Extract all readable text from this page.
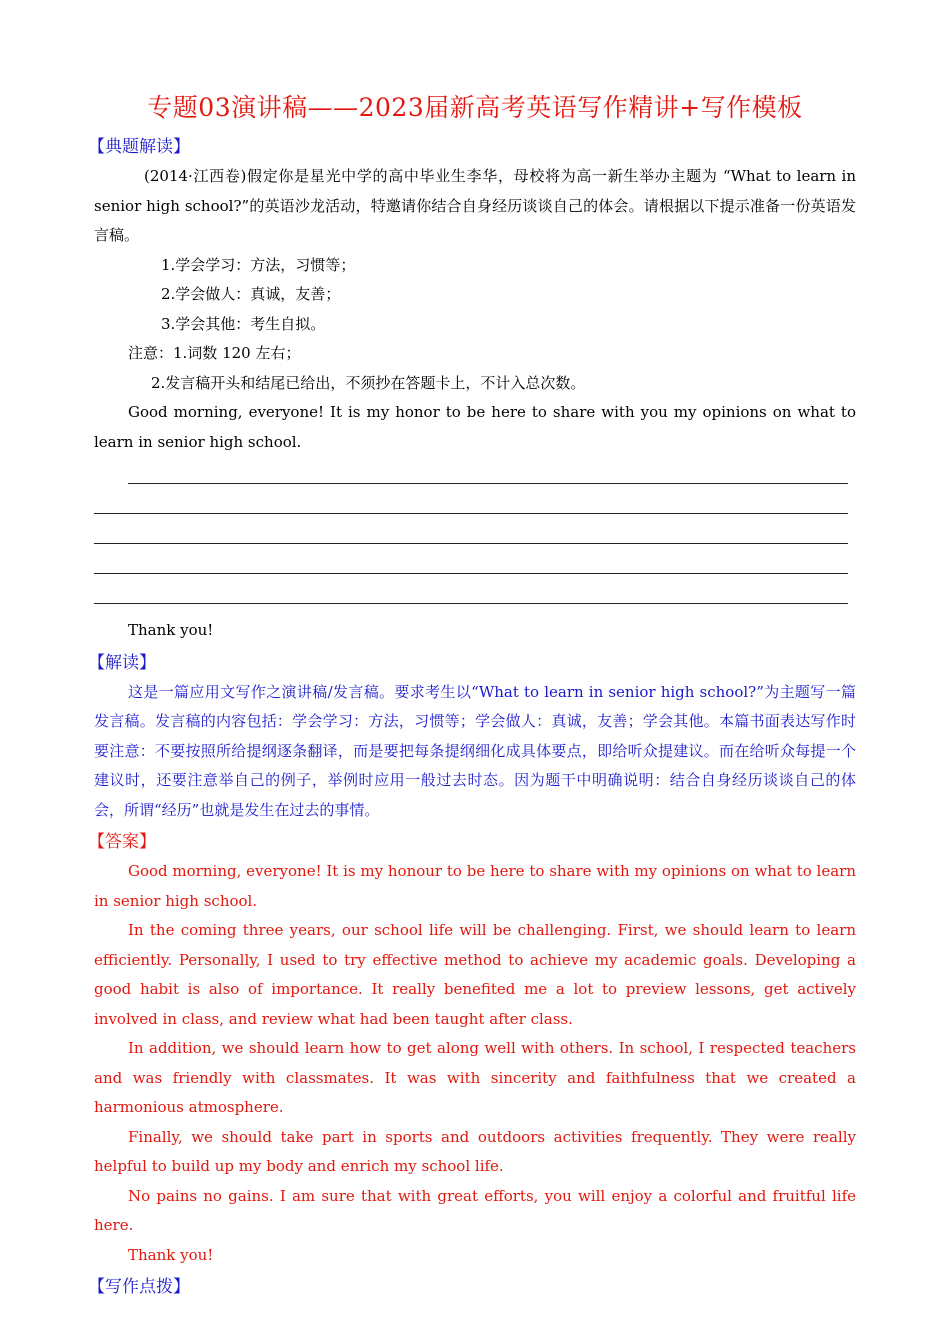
专题03演讲稿——2023届新高考英语写作精讲+写作模板
【典题解读】

(2014·江西卷)假定你是星光中学的高中毕业生李华，母校将为高一新生举办主题为 “What to learn in senior high school?”的英语沙龙活动，特邀请你结合自身经历谈谈自己的体会。请根据以下提示准备一份英语发言稿。

1.学会学习：方法，习惯等；

2.学会做人：真诚，友善；

3.学会其他：考生自拟。

注意：1.词数 120 左右；

2.发言稿开头和结尾已给出，不须抄在答题卡上，不计入总次数。

Good morning, everyone! It is my honor to be here to share with you my opinions on what to learn in senior high school.

Thank you!

【解读】

这是一篇应用文写作之演讲稿/发言稿。要求考生以“What to learn in senior high school?”为主题写一篇发言稿。发言稿的内容包括：学会学习：方法，习惯等；学会做人：真诚，友善；学会其他。本篇书面表达写作时要注意：不要按照所给提纲逐条翻译，而是要把每条提纲细化成具体要点，即给听众提建议。而在给听众每提一个建议时，还要注意举自己的例子，举例时应用一般过去时态。因为题干中明确说明：结合自身经历谈谈自己的体会，所谓“经历”也就是发生在过去的事情。

【答案】

Good morning, everyone! It is my honour to be here to share with my opinions on what to learn in senior high school.

In the coming three years, our school life will be challenging. First, we should learn to learn efficiently. Personally, I used to try effective method to achieve my academic goals. Developing a good habit is also of importance. It really benefited me a lot to preview lessons, get actively involved in class, and review what had been taught after class.

In addition, we should learn how to get along well with others. In school, I respected teachers and was friendly with classmates. It was with sincerity and faithfulness that we created a harmonious atmosphere.

Finally, we should take part in sports and outdoors activities frequently. They were really helpful to build up my body and enrich my school life.

No pains no gains. I am sure that with great efforts, you will enjoy a colorful and fruitful life here.

Thank you!

【写作点拨】
